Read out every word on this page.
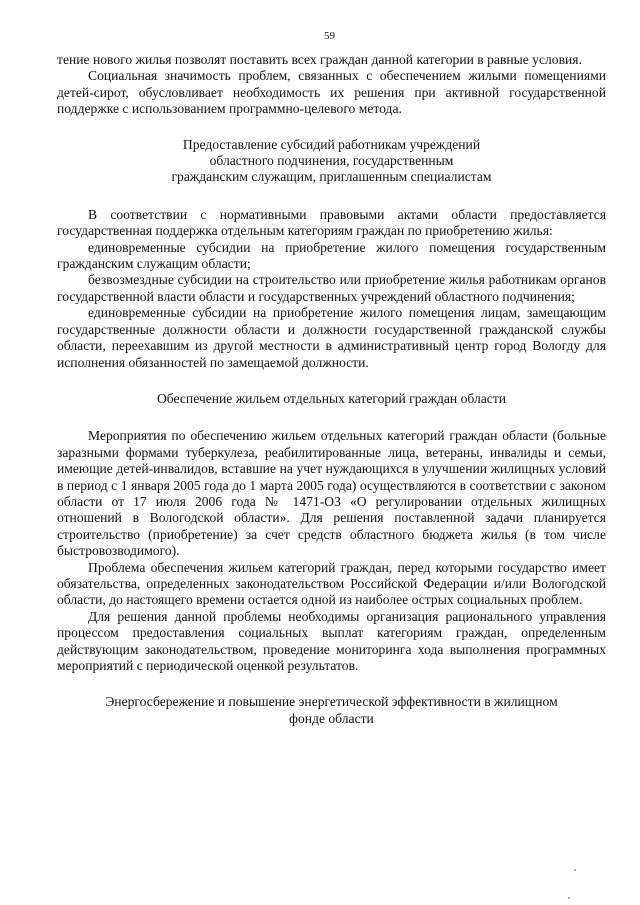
59

тение нового жилья позволят поставить всех граждан данной категории в равные условия.

Социальная значимость проблем, связанных с обеспечением жилыми помещениями детей-сирот, обусловливает необходимость их решения при активной государственной поддержке с использованием программно-целевого метода.

Предоставление субсидий работникам учреждений
областного подчинения, государственным
гражданским служащим, приглашенным специалистам

В соответствии с нормативными правовыми актами области предоставляется государственная поддержка отдельным категориям граждан по приобретению жилья:

единовременные субсидии на приобретение жилого помещения государственным гражданским служащим области;

безвозмездные субсидии на строительство или приобретение жилья работникам органов государственной власти области и государственных учреждений областного подчинения;

единовременные субсидии на приобретение жилого помещения лицам, замещающим государственные должности области и должности государственной гражданской службы области, переехавшим из другой местности в административный центр город Вологду для исполнения обязанностей по замещаемой должности.

Обеспечение жильем отдельных категорий граждан области

Мероприятия по обеспечению жильем отдельных категорий граждан области (больные заразными формами туберкулеза, реабилитированные лица, ветераны, инвалиды и семьи, имеющие детей-инвалидов, вставшие на учет нуждающихся в улучшении жилищных условий в период с 1 января 2005 года до 1 марта 2005 года) осуществляются в соответствии с законом области от 17 июля 2006 года № 1471-ОЗ «О регулировании отдельных жилищных отношений в Вологодской области». Для решения поставленной задачи планируется строительство (приобретение) за счет средств областного бюджета жилья (в том числе быстровозводимого).

Проблема обеспечения жильем категорий граждан, перед которыми государство имеет обязательства, определенных законодательством Российской Федерации и/или Вологодской области, до настоящего времени остается одной из наиболее острых социальных проблем.

Для решения данной проблемы необходимы организация рационального управления процессом предоставления социальных выплат категориям граждан, определенным действующим законодательством, проведение мониторинга хода выполнения программных мероприятий с периодической оценкой результатов.

Энергосбережение и повышение энергетической эффективности в жилищном
фонде области
